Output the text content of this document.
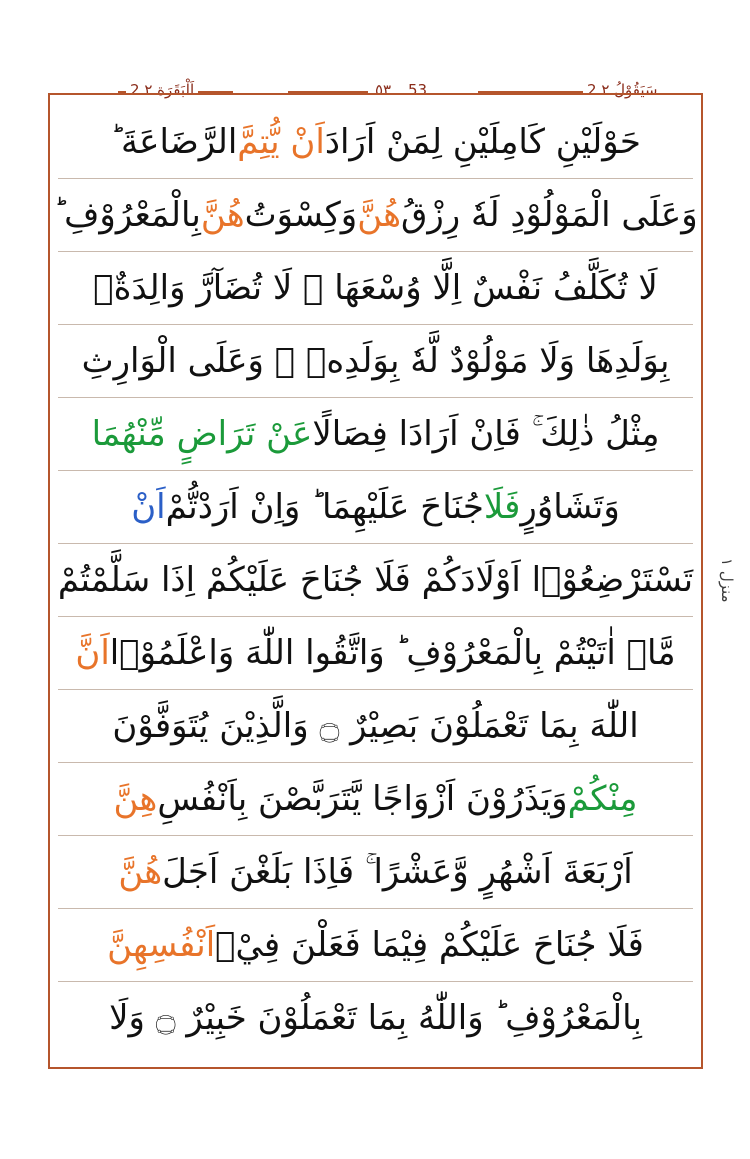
2 اَلْبَقَرَة ٢	٥٣ 53	سَيَقُوْلُ ٢ 2
حَوْلَيْنِ كَامِلَيْنِ لِمَنْ اَرَادَ
اَنْ يُّتِمَّ
الرَّضَاعَةَ ؕ
وَعَلَى الْمَوْلُوْدِ لَهٗ رِزْقُ
هُنَّ
وَكِسْوَتُ
هُنَّ
بِالْمَعْرُوْفِ ؕ
لَا تُكَلَّفُ نَفْسٌ اِلَّا وُسْعَهَا ۚ لَا تُضَآرَّ وَالِدَةٌۢ
بِوَلَدِهَا وَلَا مَوْلُوْدٌ لَّهٗ بِوَلَدِهٖ ۚ وَعَلَى الْوَارِثِ
مِثْلُ ذٰلِكَ ۚ فَاِنْ اَرَادَا فِصَالًا
عَنْ تَرَاضٍ مِّنْهُمَا
وَتَشَاوُرٍ
فَلَا
جُنَاحَ عَلَيْهِمَا ؕ وَاِنْ اَرَدْتُّمْ
اَنْ
تَسْتَرْضِعُوْۤا اَوْلَادَكُمْ فَلَا جُنَاحَ عَلَيْكُمْ اِذَا سَلَّمْتُمْ
مَّاۤ اٰتَيْتُمْ بِالْمَعْرُوْفِ ؕ وَاتَّقُوا اللّٰهَ وَاعْلَمُوْۤا
اَنَّ
اللّٰهَ بِمَا تَعْمَلُوْنَ بَصِيْرٌ ۝ وَالَّذِيْنَ يُتَوَفَّوْنَ
مِنْكُمْ
وَيَذَرُوْنَ اَزْوَاجًا يَّتَرَبَّصْنَ بِاَنْفُسِ
هِنَّ
اَرْبَعَةَ اَشْهُرٍ وَّعَشْرًا ۚ فَاِذَا بَلَغْنَ اَجَلَ
هُنَّ
فَلَا جُنَاحَ عَلَيْكُمْ فِيْمَا فَعَلْنَ فِيْۤ
اَنْفُسِهِنَّ
بِالْمَعْرُوْفِ ؕ وَاللّٰهُ بِمَا تَعْمَلُوْنَ خَبِيْرٌ ۝ وَلَا
منزل ١
